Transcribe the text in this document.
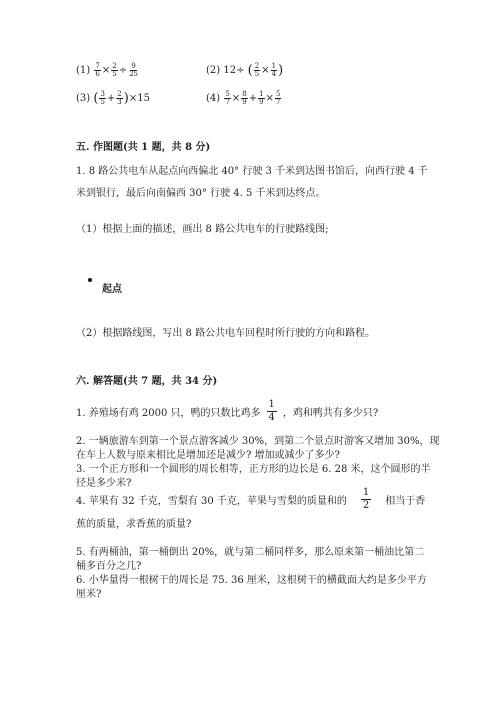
$(1) \frac{7}{6} \times \frac{2}{5} \div \frac{9}{25}$	(2) 12÷ ( $\frac{2}{5} \times \frac{1}{4}$ )
(3) ( $\frac{3}{5} + \frac{2}{3} )\times 15$	$(4) \frac{5}{7} \times \frac{8}{9} + \frac{1}{9} \times \frac{5}{7}$
五. 作图题(共 1 题，共 8 分)
1. 8 路公共电车从起点向西偏北 40° 行驶 3 千米到达图书馆后，向西行驶 4 千
米到银行，最后向南偏西 30° 行驶 4. 5 千米到达终点。
（1）根据上面的描述，画出 8 路公共电车的行驶路线图;
起点
（2）根据路线图，写出 8 路公共电车回程时所行驶的方向和路程。
六. 解答题(共 7 题，共 34 分)
1. 养殖场有鸡 2000 只，鸭的只数比鸡多 $\frac{1}{4}$ ，鸡和鸭共有多少只?
2. 一辆旅游车到第一个景点游客减少 30%，到第二个景点时游客又增加 30%，现
在车上人数与原来相比是增加还是减少? 增加或减少了多少?
3. 一个正方形和一个圆形的周长相等，正方形的边长是 6. 28 米，这个圆形的半
径是多少米?
4. 苹果有 32 千克，雪梨有 30 千克，苹果与雪梨的质量和的 $\frac{1}{2}$ 相当于香
蕉的质量，求香蕉的质量?
5. 有两桶油，第一桶倒出 20%，就与第二桶同样多，那么原来第一桶油比第二
桶多百分之几?
6. 小华量得一根树干的周长是 75. 36 厘米，这根树干的横截面大约是多少平方
厘米?
